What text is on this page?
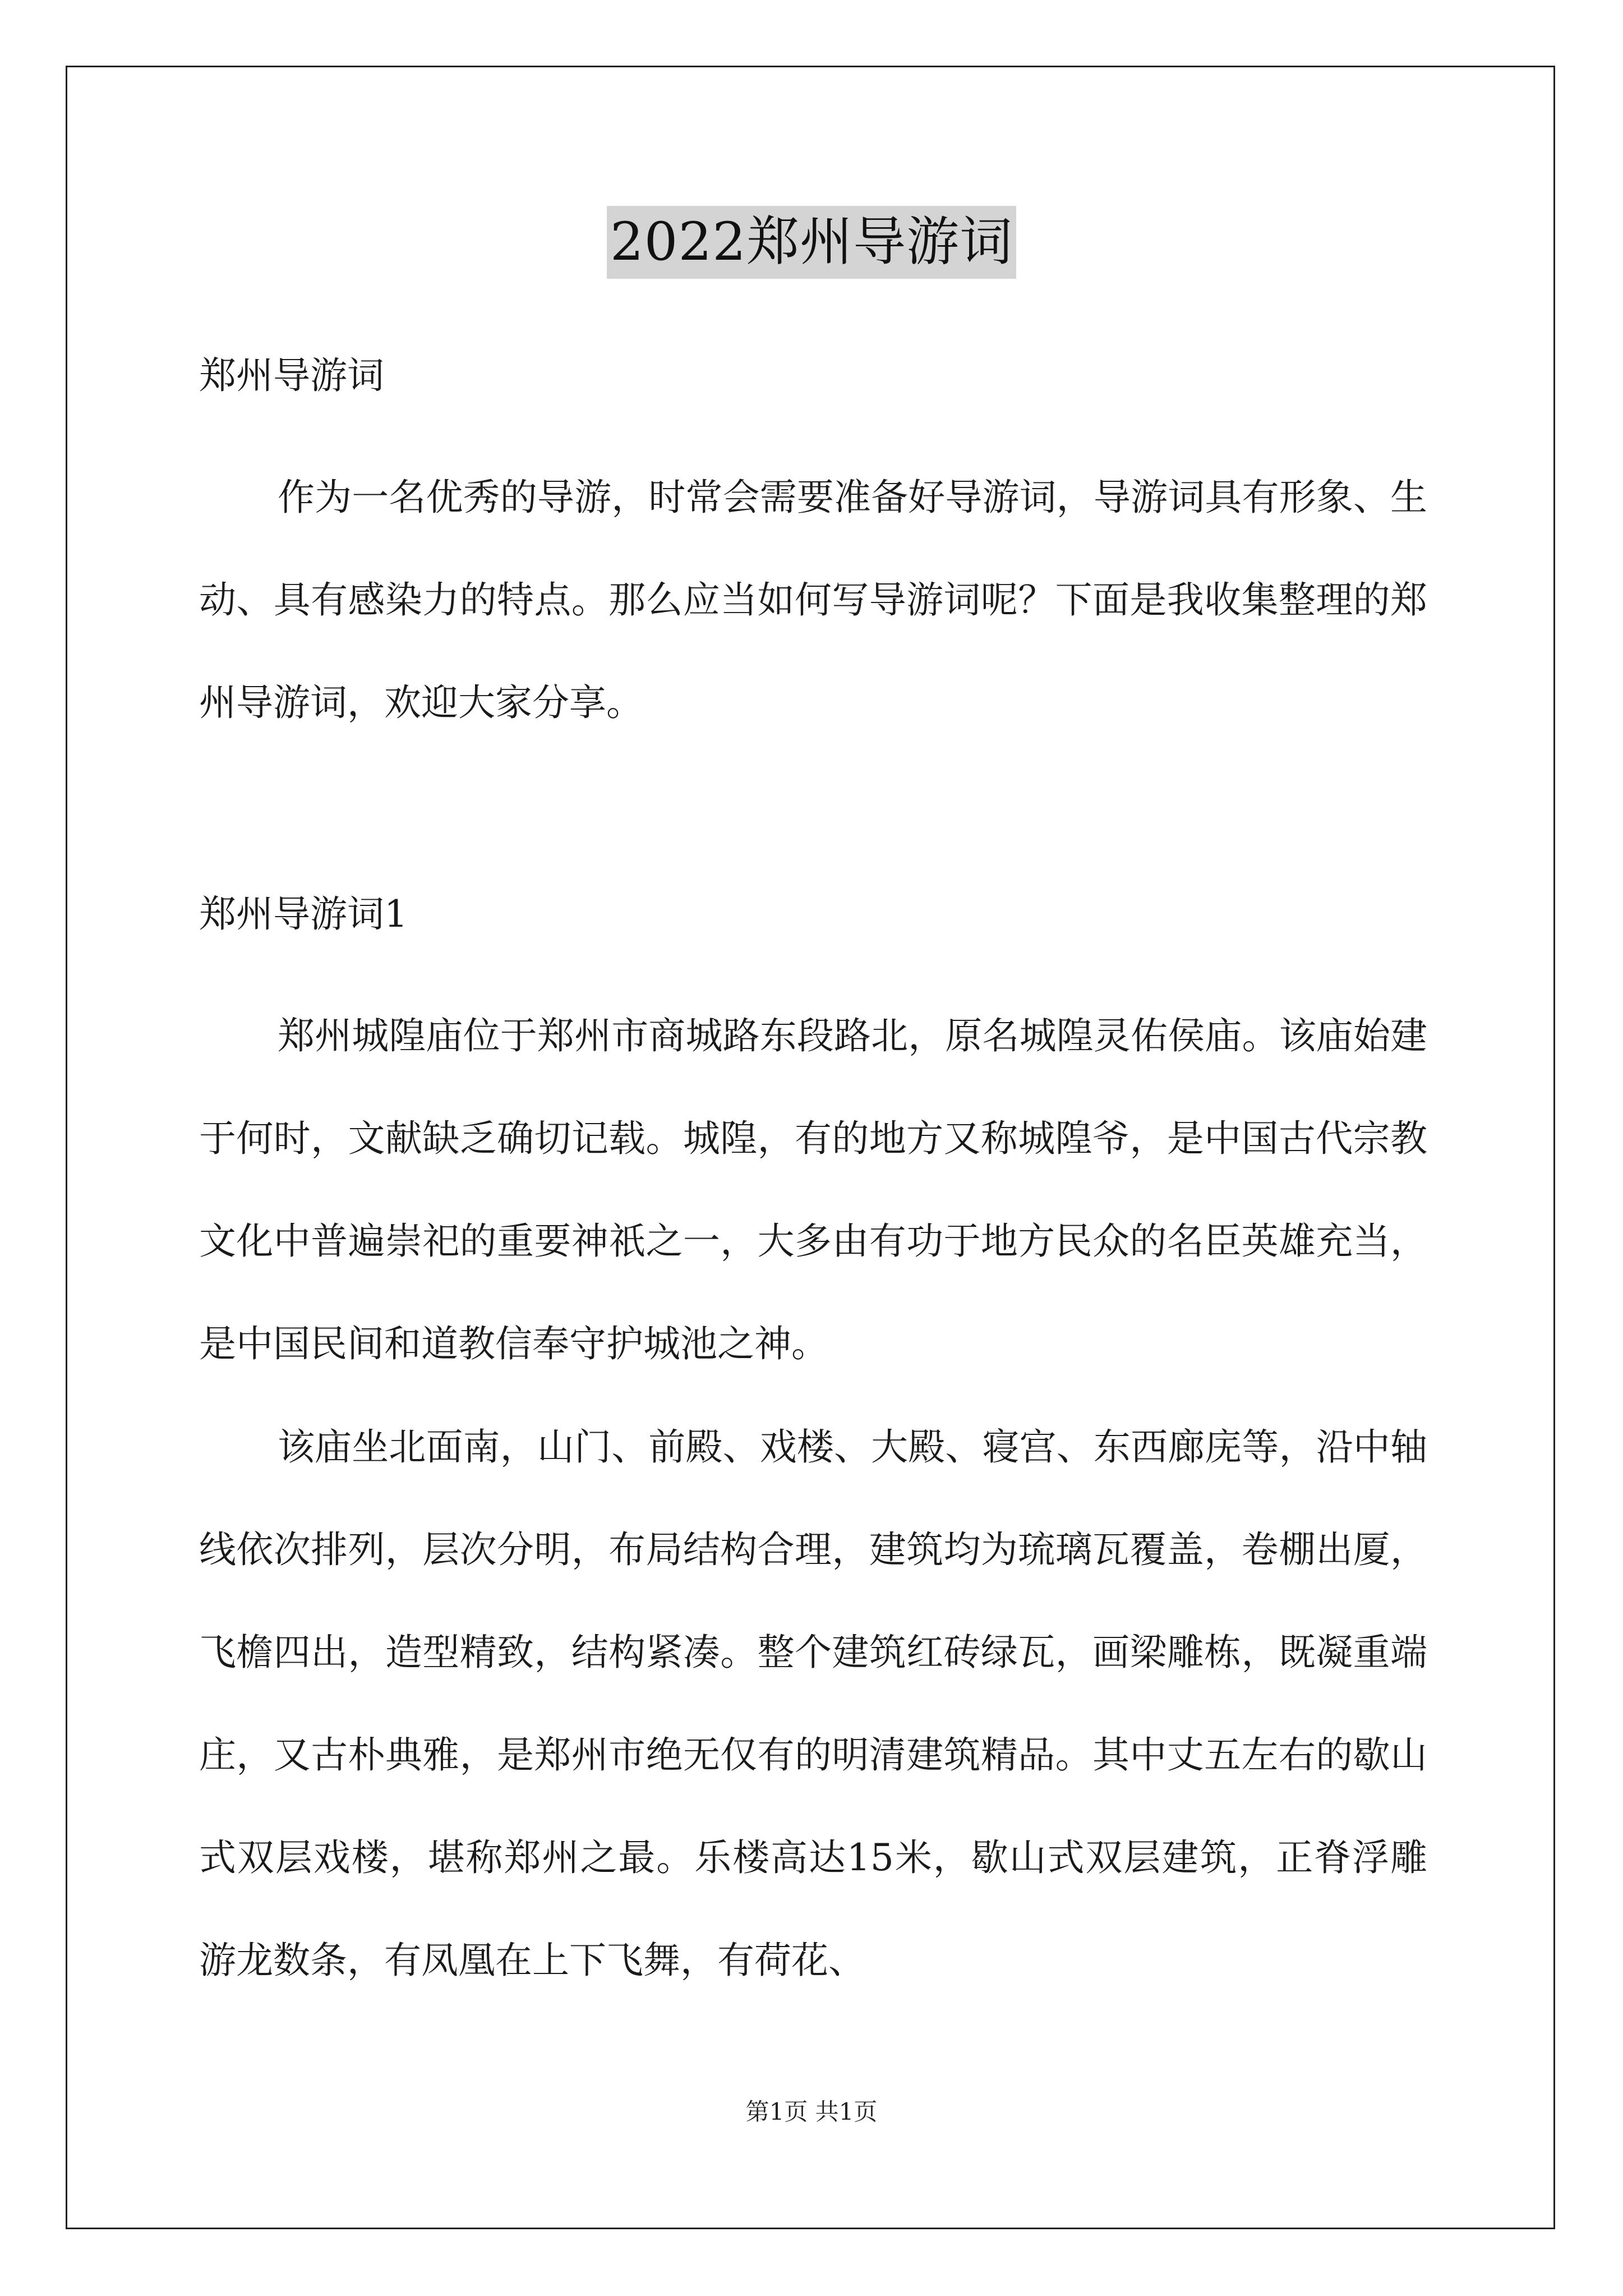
2022郑州导游词
郑州导游词

作为一名优秀的导游，时常会需要准备好导游词，导游词具有形象、生动、具有感染力的特点。那么应当如何写导游词呢？下面是我收集整理的郑州导游词，欢迎大家分享。

郑州导游词1

郑州城隍庙位于郑州市商城路东段路北，原名城隍灵佑侯庙。该庙始建于何时，文献缺乏确切记载。城隍，有的地方又称城隍爷，是中国古代宗教文化中普遍崇祀的重要神祇之一，大多由有功于地方民众的名臣英雄充当，是中国民间和道教信奉守护城池之神。

该庙坐北面南，山门、前殿、戏楼、大殿、寝宫、东西廊庑等，沿中轴线依次排列，层次分明，布局结构合理，建筑均为琉璃瓦覆盖，卷棚出厦，飞檐四出，造型精致，结构紧凑。整个建筑红砖绿瓦，画梁雕栋，既凝重端庄，又古朴典雅，是郑州市绝无仅有的明清建筑精品。其中丈五左右的歇山式双层戏楼，堪称郑州之最。乐楼高达15米，歇山式双层建筑，正脊浮雕游龙数条，有凤凰在上下飞舞，有荷花、

第1页 共1页
